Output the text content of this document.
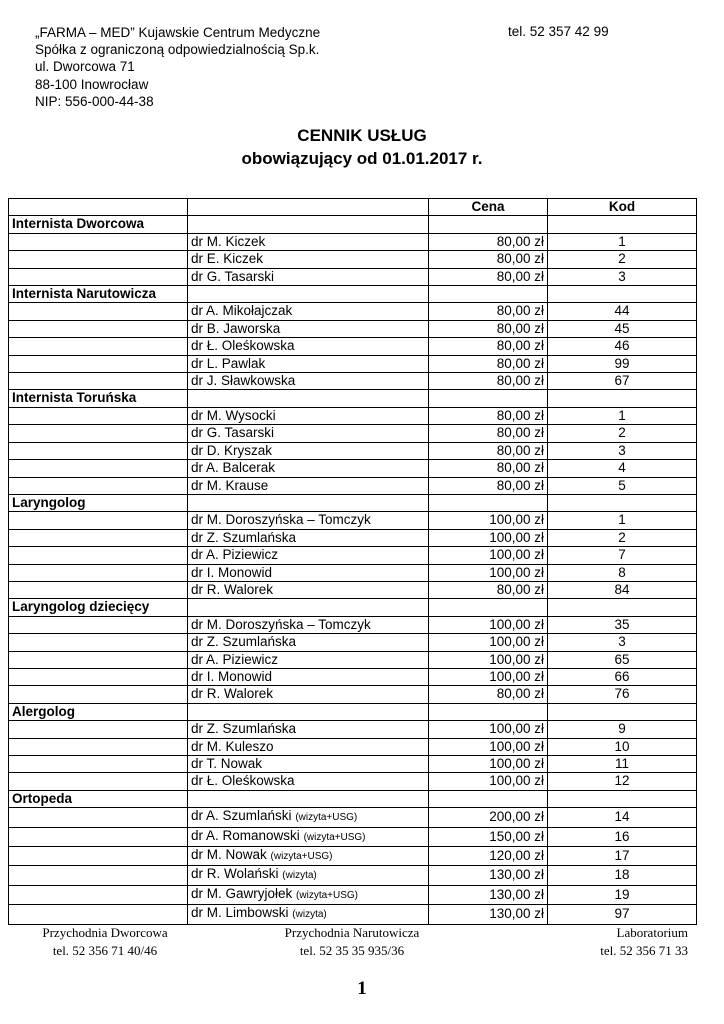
„FARMA – MED” Kujawskie Centrum Medyczne
Spółka z ograniczoną odpowiedzialnością Sp.k.
ul. Dworcowa 71
88-100 Inowrocław
NIP: 556-000-44-38
tel. 52 357 42 99
CENNIK USŁUG
obowiązujący od 01.01.2017 r.
		Cena	Kod
Internista Dworcowa			
	dr M. Kiczek	80,00 zł	1
	dr E. Kiczek	80,00 zł	2
	dr G. Tasarski	80,00 zł	3
Internista Narutowicza			
	dr A. Mikołajczak	80,00 zł	44
	dr B. Jaworska	80,00 zł	45
	dr Ł. Oleśkowska	80,00 zł	46
	dr L. Pawlak	80,00 zł	99
	dr J. Sławkowska	80,00 zł	67
Internista Toruńska			
	dr M. Wysocki	80,00 zł	1
	dr G. Tasarski	80,00 zł	2
	dr D. Kryszak	80,00 zł	3
	dr A. Balcerak	80,00 zł	4
	dr M. Krause	80,00 zł	5
Laryngolog			
	dr M. Doroszyńska – Tomczyk	100,00 zł	1
	dr Z. Szumlańska	100,00 zł	2
	dr A. Piziewicz	100,00 zł	7
	dr I. Monowid	100,00 zł	8
	dr R. Walorek	80,00 zł	84
Laryngolog dziecięcy			
	dr M. Doroszyńska – Tomczyk	100,00 zł	35
	dr Z. Szumlańska	100,00 zł	3
	dr A. Piziewicz	100,00 zł	65
	dr I. Monowid	100,00 zł	66
	dr R. Walorek	80,00 zł	76
Alergolog			
	dr Z. Szumlańska	100,00 zł	9
	dr M. Kuleszo	100,00 zł	10
	dr T. Nowak	100,00 zł	11
	dr Ł. Oleśkowska	100,00 zł	12
Ortopeda			
	dr A. Szumlański (wizyta+USG)	200,00 zł	14
	dr A. Romanowski (wizyta+USG)	150,00 zł	16
	dr M. Nowak (wizyta+USG)	120,00 zł	17
	dr R. Wolański (wizyta)	130,00 zł	18
	dr M. Gawryjołek (wizyta+USG)	130,00 zł	19
	dr M. Limbowski (wizyta)	130,00 zł	97
Przychodnia Dworcowa
tel. 52 356 71 40/46
Przychodnia Narutowicza
tel. 52 35 35 935/36
Laboratorium
tel. 52 356 71 33
1
